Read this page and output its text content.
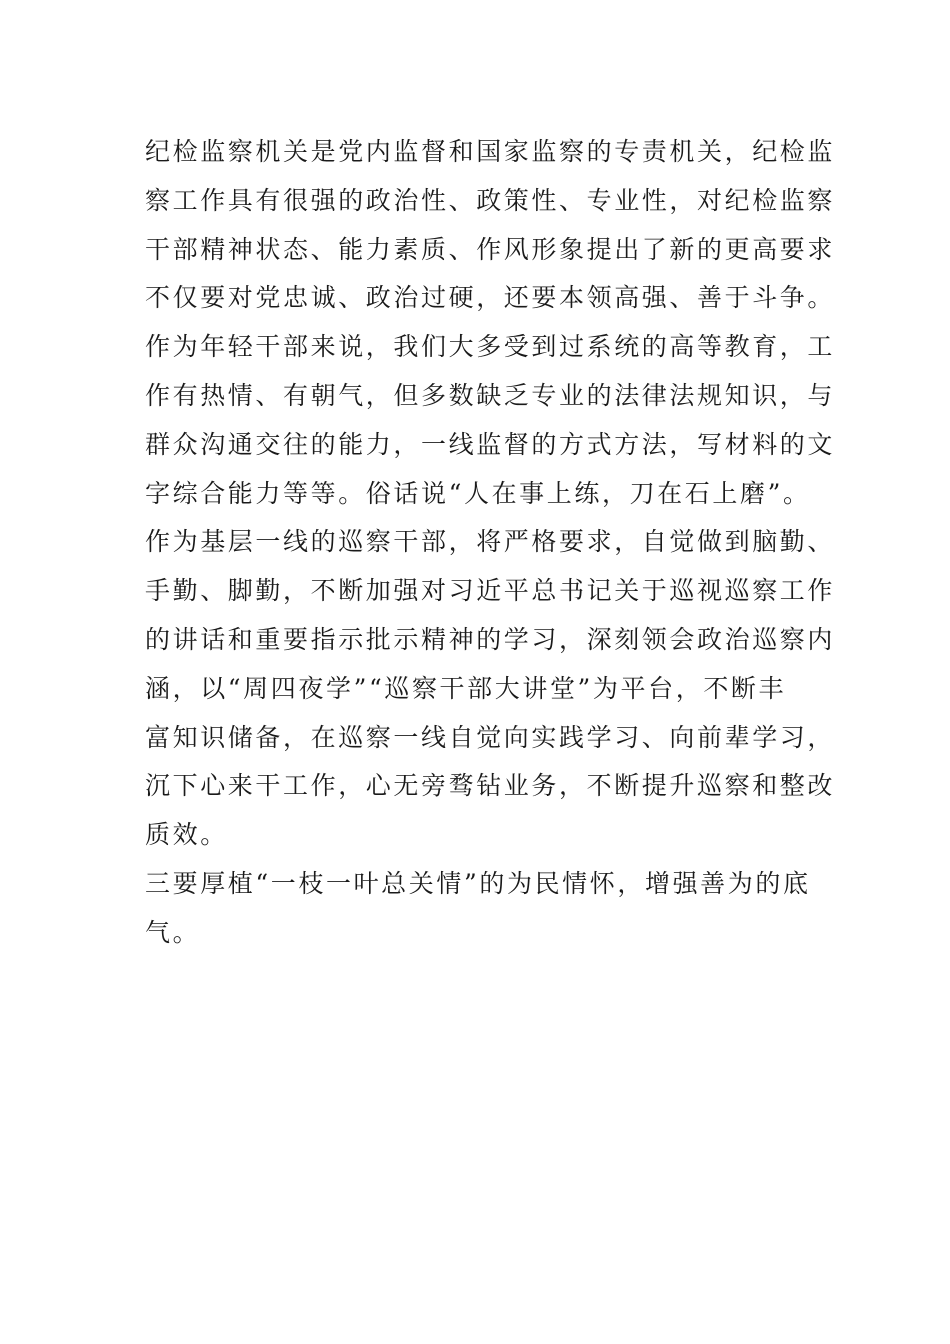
纪检监察机关是党内监督和国家监察的专责机关，纪检监
察工作具有很强的政治性、政策性、专业性，对纪检监察
干部精神状态、能力素质、作风形象提出了新的更高要求
不仅要对党忠诚、政治过硬，还要本领高强、善于斗争。
作为年轻干部来说，我们大多受到过系统的高等教育，工
作有热情、有朝气，但多数缺乏专业的法律法规知识，与
群众沟通交往的能力，一线监督的方式方法，写材料的文
字综合能力等等。俗话说“人在事上练，刀在石上磨”。
作为基层一线的巡察干部，将严格要求，自觉做到脑勤、
手勤、脚勤，不断加强对习近平总书记关于巡视巡察工作
的讲话和重要指示批示精神的学习，深刻领会政治巡察内
涵，以“周四夜学”“巡察干部大讲堂”为平台，不断丰
富知识储备，在巡察一线自觉向实践学习、向前辈学习，
沉下心来干工作，心无旁骛钻业务，不断提升巡察和整改
质效。
三要厚植“一枝一叶总关情”的为民情怀，增强善为的底
气。
